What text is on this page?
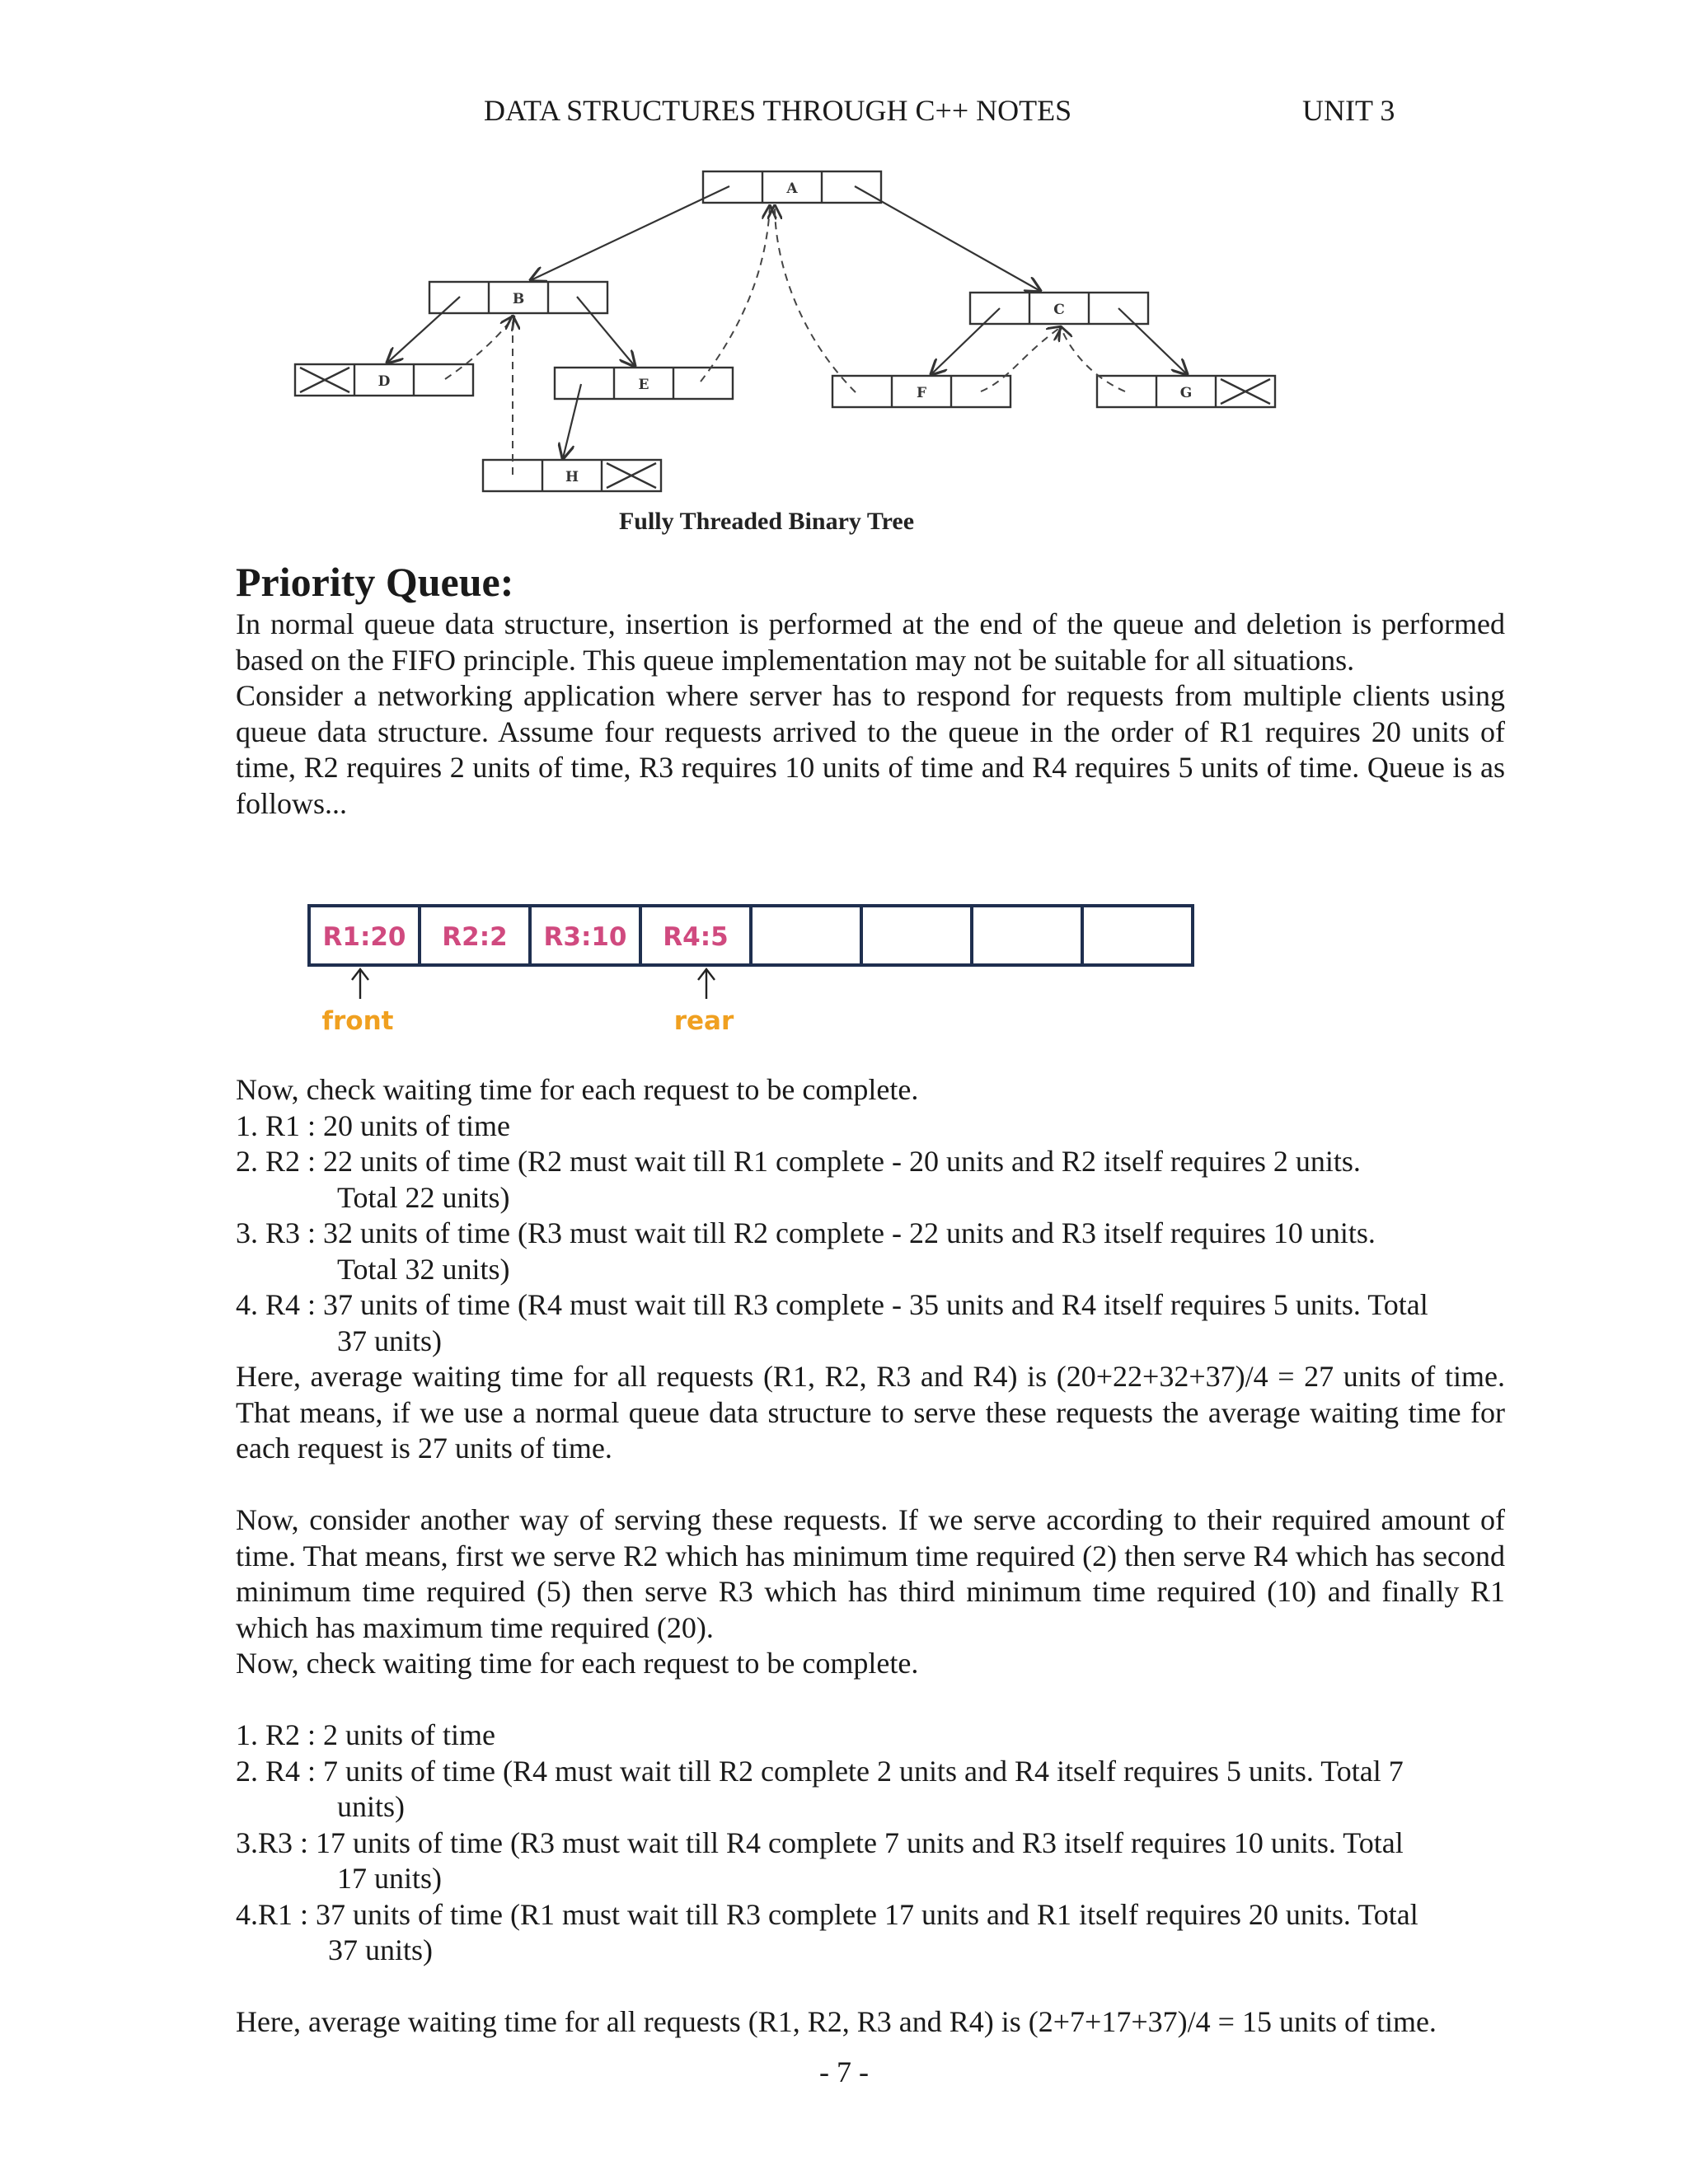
DATA STRUCTURES THROUGH C++ NOTES	UNIT 3
A
B
C
D	E	F	G
H
Fully Threaded Binary Tree
Priority Queue:

In normal queue data structure, insertion is performed at the end of the queue and deletion is performed based on the FIFO principle. This queue implementation may not be suitable for all situations.

Consider a networking application where server has to respond for requests from multiple clients using queue data structure. Assume four requests arrived to the queue in the order of R1 requires 20 units of time, R2 requires 2 units of time, R3 requires 10 units of time and R4 requires 5 units of time. Queue is as follows...

R1:20 R2:2 R3:10 R4:5
front	rear

Now, check waiting time for each request to be complete.

1. R1 : 20 units of time

2. R2 : 22 units of time (R2 must wait till R1 complete - 20 units and R2 itself requires 2 units.

Total 22 units)

3. R3 : 32 units of time (R3 must wait till R2 complete - 22 units and R3 itself requires 10 units.

Total 32 units)

4. R4 : 37 units of time (R4 must wait till R3 complete - 35 units and R4 itself requires 5 units. Total

37 units)

Here, average waiting time for all requests (R1, R2, R3 and R4) is (20+22+32+37)/4 = 27 units of time. That means, if we use a normal queue data structure to serve these requests the average waiting time for each request is 27 units of time.

Now, consider another way of serving these requests. If we serve according to their required amount of time. That means, first we serve R2 which has minimum time required (2) then serve R4 which has second minimum time required (5) then serve R3 which has third minimum time required (10) and finally R1 which has maximum time required (20).

Now, check waiting time for each request to be complete.

1. R2 : 2 units of time

2. R4 : 7 units of time (R4 must wait till R2 complete 2 units and R4 itself requires 5 units. Total 7

units)

3.R3 : 17 units of time (R3 must wait till R4 complete 7 units and R3 itself requires 10 units. Total

17 units)

4.R1 : 37 units of time (R1 must wait till R3 complete 17 units and R1 itself requires 20 units. Total

37 units)

Here, average waiting time for all requests (R1, R2, R3 and R4) is (2+7+17+37)/4 = 15 units of time.

- 7 -
